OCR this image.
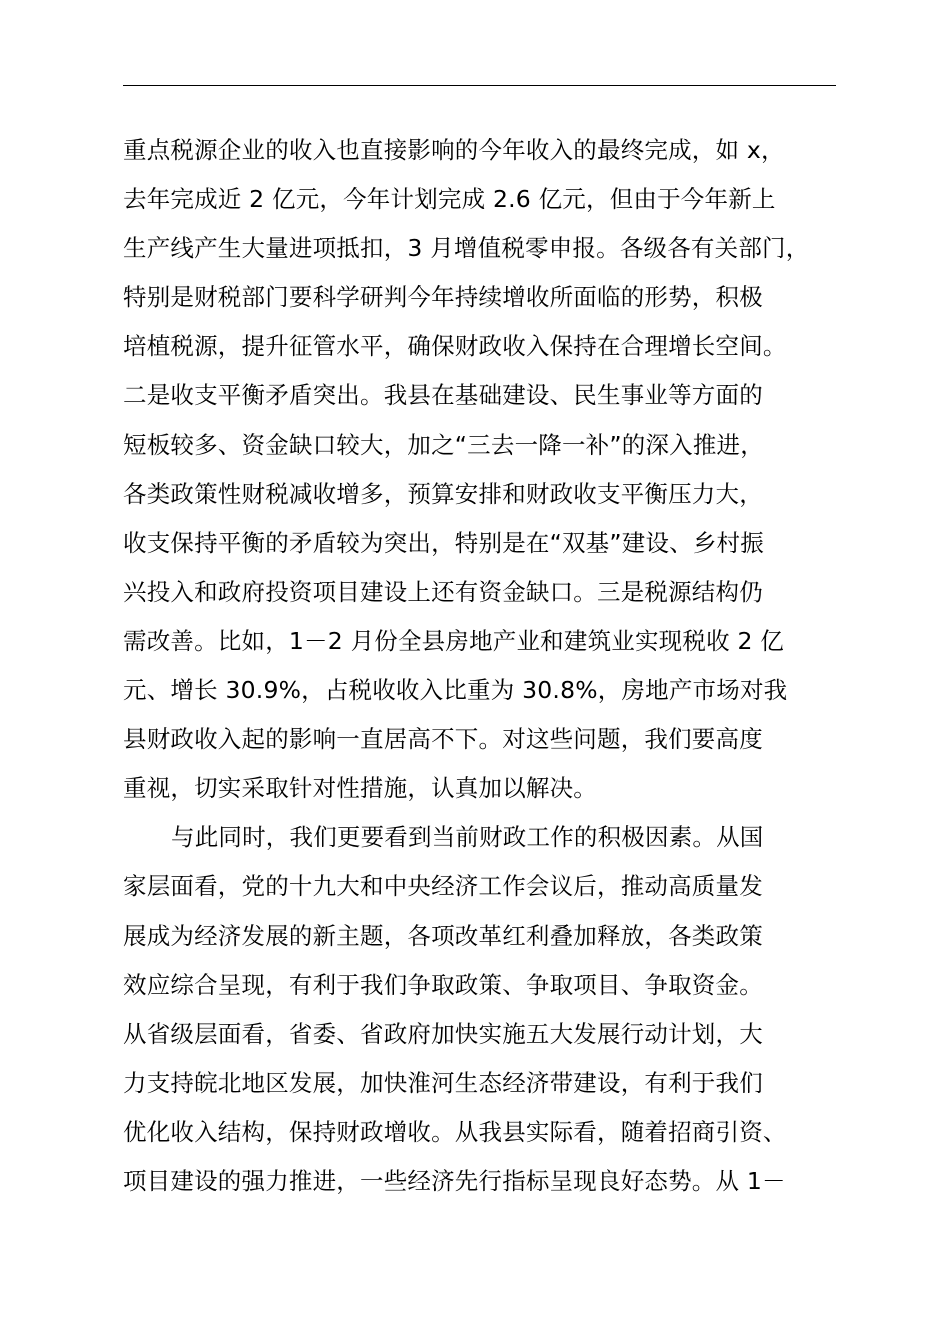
重点税源企业的收入也直接影响的今年收入的最终完成，如 x，
去年完成近 2 亿元，今年计划完成 2.6 亿元，但由于今年新上
生产线产生大量进项抵扣，3 月增值税零申报。各级各有关部门，
特别是财税部门要科学研判今年持续增收所面临的形势，积极
培植税源，提升征管水平，确保财政收入保持在合理增长空间。
二是收支平衡矛盾突出。我县在基础建设、民生事业等方面的
短板较多、资金缺口较大，加之“三去一降一补”的深入推进，
各类政策性财税减收增多，预算安排和财政收支平衡压力大，
收支保持平衡的矛盾较为突出，特别是在“双基”建设、乡村振
兴投入和政府投资项目建设上还有资金缺口。三是税源结构仍
需改善。比如，1－2 月份全县房地产业和建筑业实现税收 2 亿
元、增长 30.9%，占税收收入比重为 30.8%，房地产市场对我
县财政收入起的影响一直居高不下。对这些问题，我们要高度
重视，切实采取针对性措施，认真加以解决。
与此同时，我们更要看到当前财政工作的积极因素。从国
家层面看，党的十九大和中央经济工作会议后，推动高质量发
展成为经济发展的新主题，各项改革红利叠加释放，各类政策
效应综合呈现，有利于我们争取政策、争取项目、争取资金。
从省级层面看，省委、省政府加快实施五大发展行动计划，大
力支持皖北地区发展，加快淮河生态经济带建设，有利于我们
优化收入结构，保持财政增收。从我县实际看，随着招商引资、
项目建设的强力推进，一些经济先行指标呈现良好态势。从 1－
